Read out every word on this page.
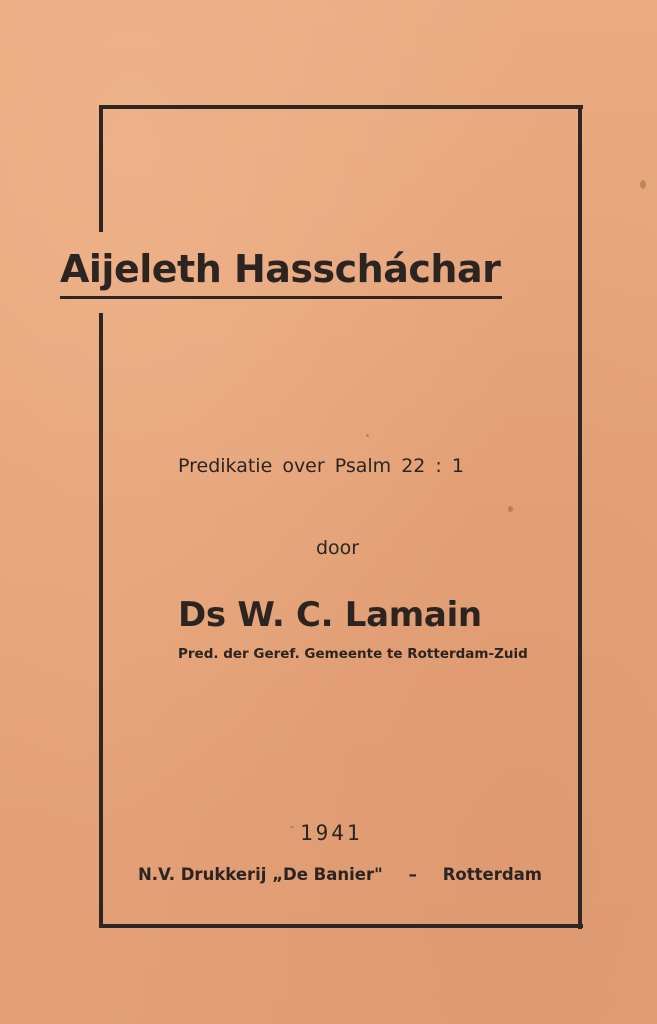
Aijeleth Hasscháchar
Predikatie over Psalm 22 : 1
door
Ds W. C. Lamain
Pred. der Geref. Gemeente te Rotterdam-Zuid
1941
N.V. Drukkerij „De Banier" – Rotterdam
